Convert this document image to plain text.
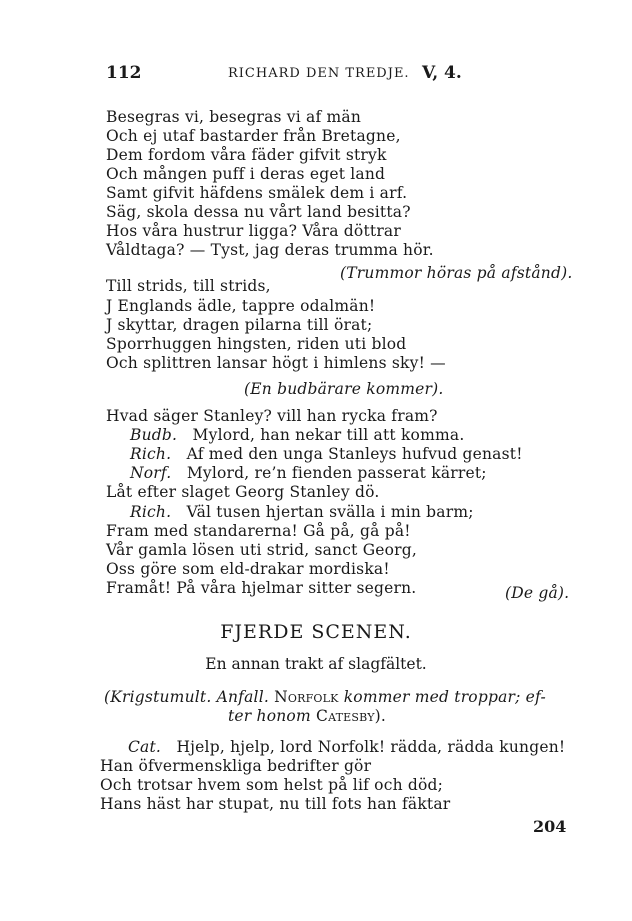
112	RICHARD DEN TREDJE. V, 4.
Besegras vi, besegras vi af män
Och ej utaf bastarder från Bretagne,
Dem fordom våra fäder gifvit stryk
Och mången puff i deras eget land
Samt gifvit häfdens smälek dem i arf.
Säg, skola dessa nu vårt land besitta?
Hos våra hustrur ligga? Våra döttrar
Våldtaga? — Tyst, jag deras trumma hör.
(Trummor höras på afstånd).
Till strids, till strids,
J Englands ädle, tappre odalmän!
J skyttar, dragen pilarna till örat;
Sporrhuggen hingsten, riden uti blod
Och splittren lansar högt i himlens sky! —
(En budbärare kommer).
Hvad säger Stanley? vill han rycka fram?
Budb. Mylord, han nekar till att komma.
Rich. Af med den unga Stanleys hufvud genast!
Norf. Mylord, re’n fienden passerat kärret;
Låt efter slaget Georg Stanley dö.
Rich. Väl tusen hjertan svälla i min barm;
Fram med standarerna! Gå på, gå på!
Vår gamla lösen uti strid, sanct Georg,
Oss göre som eld-drakar mordiska!
Framåt! På våra hjelmar sitter segern.	(De gå).
FJERDE SCENEN.
En annan trakt af slagfältet.
(Krigstumult. Anfall. Norfolk kommer med troppar; ef-
ter honom Catesby).
Cat. Hjelp, hjelp, lord Norfolk! rädda, rädda kungen!
Han öfvermenskliga bedrifter gör
Och trotsar hvem som helst på lif och död;
Hans häst har stupat, nu till fots han fäktar
204
